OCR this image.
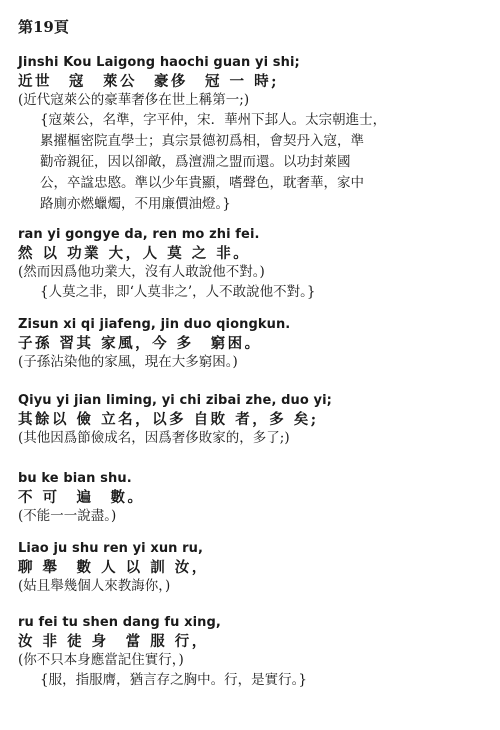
第19頁
Jinshi Kou Laigong haochi guan yi shi;
近世　寇　萊公　豪侈　冠 一 時;
(近代寇萊公的豪華奢侈在世上稱第一;)
{寇萊公，名準，字平仲，宋．華州下邽人。太宗朝進士，
累擢樞密院直學士；真宗景德初爲相，會契丹入寇，準
勸帝親征，因以卻敵，爲澶淵之盟而還。以功封萊國
公，卒諡忠愍。準以少年貴顯，嗜聲色，耽奢華，家中
路廁亦燃蠟燭，不用廉價油燈。}
ran yi gongye da, ren mo zhi fei.
然 以 功業 大，人 莫 之 非。
(然而因爲他功業大，沒有人敢說他不對。)
{人莫之非，即‘人莫非之’，人不敢說他不對。}
Zisun xi qi jiafeng, jin duo qiongkun.
子孫 習其 家風，今 多　窮困。
(子孫沾染他的家風，現在大多窮困。)
Qiyu yi jian liming, yi chi zibai zhe, duo yi;
其餘以 儉 立名，以多 自敗 者，多 矣;
(其他因爲節儉成名，因爲奢侈敗家的，多了;)
bu ke bian shu.
不 可　遍　數。
(不能一一說盡。)
Liao ju shu ren yi xun ru,
聊 舉　數 人 以 訓 汝，
(姑且舉幾個人來教誨你，)
ru fei tu shen dang fu xing,
汝 非 徒 身　當 服 行，
(你不只本身應當記住實行，)
{服，指服膺，猶言存之胸中。行，是實行。}
